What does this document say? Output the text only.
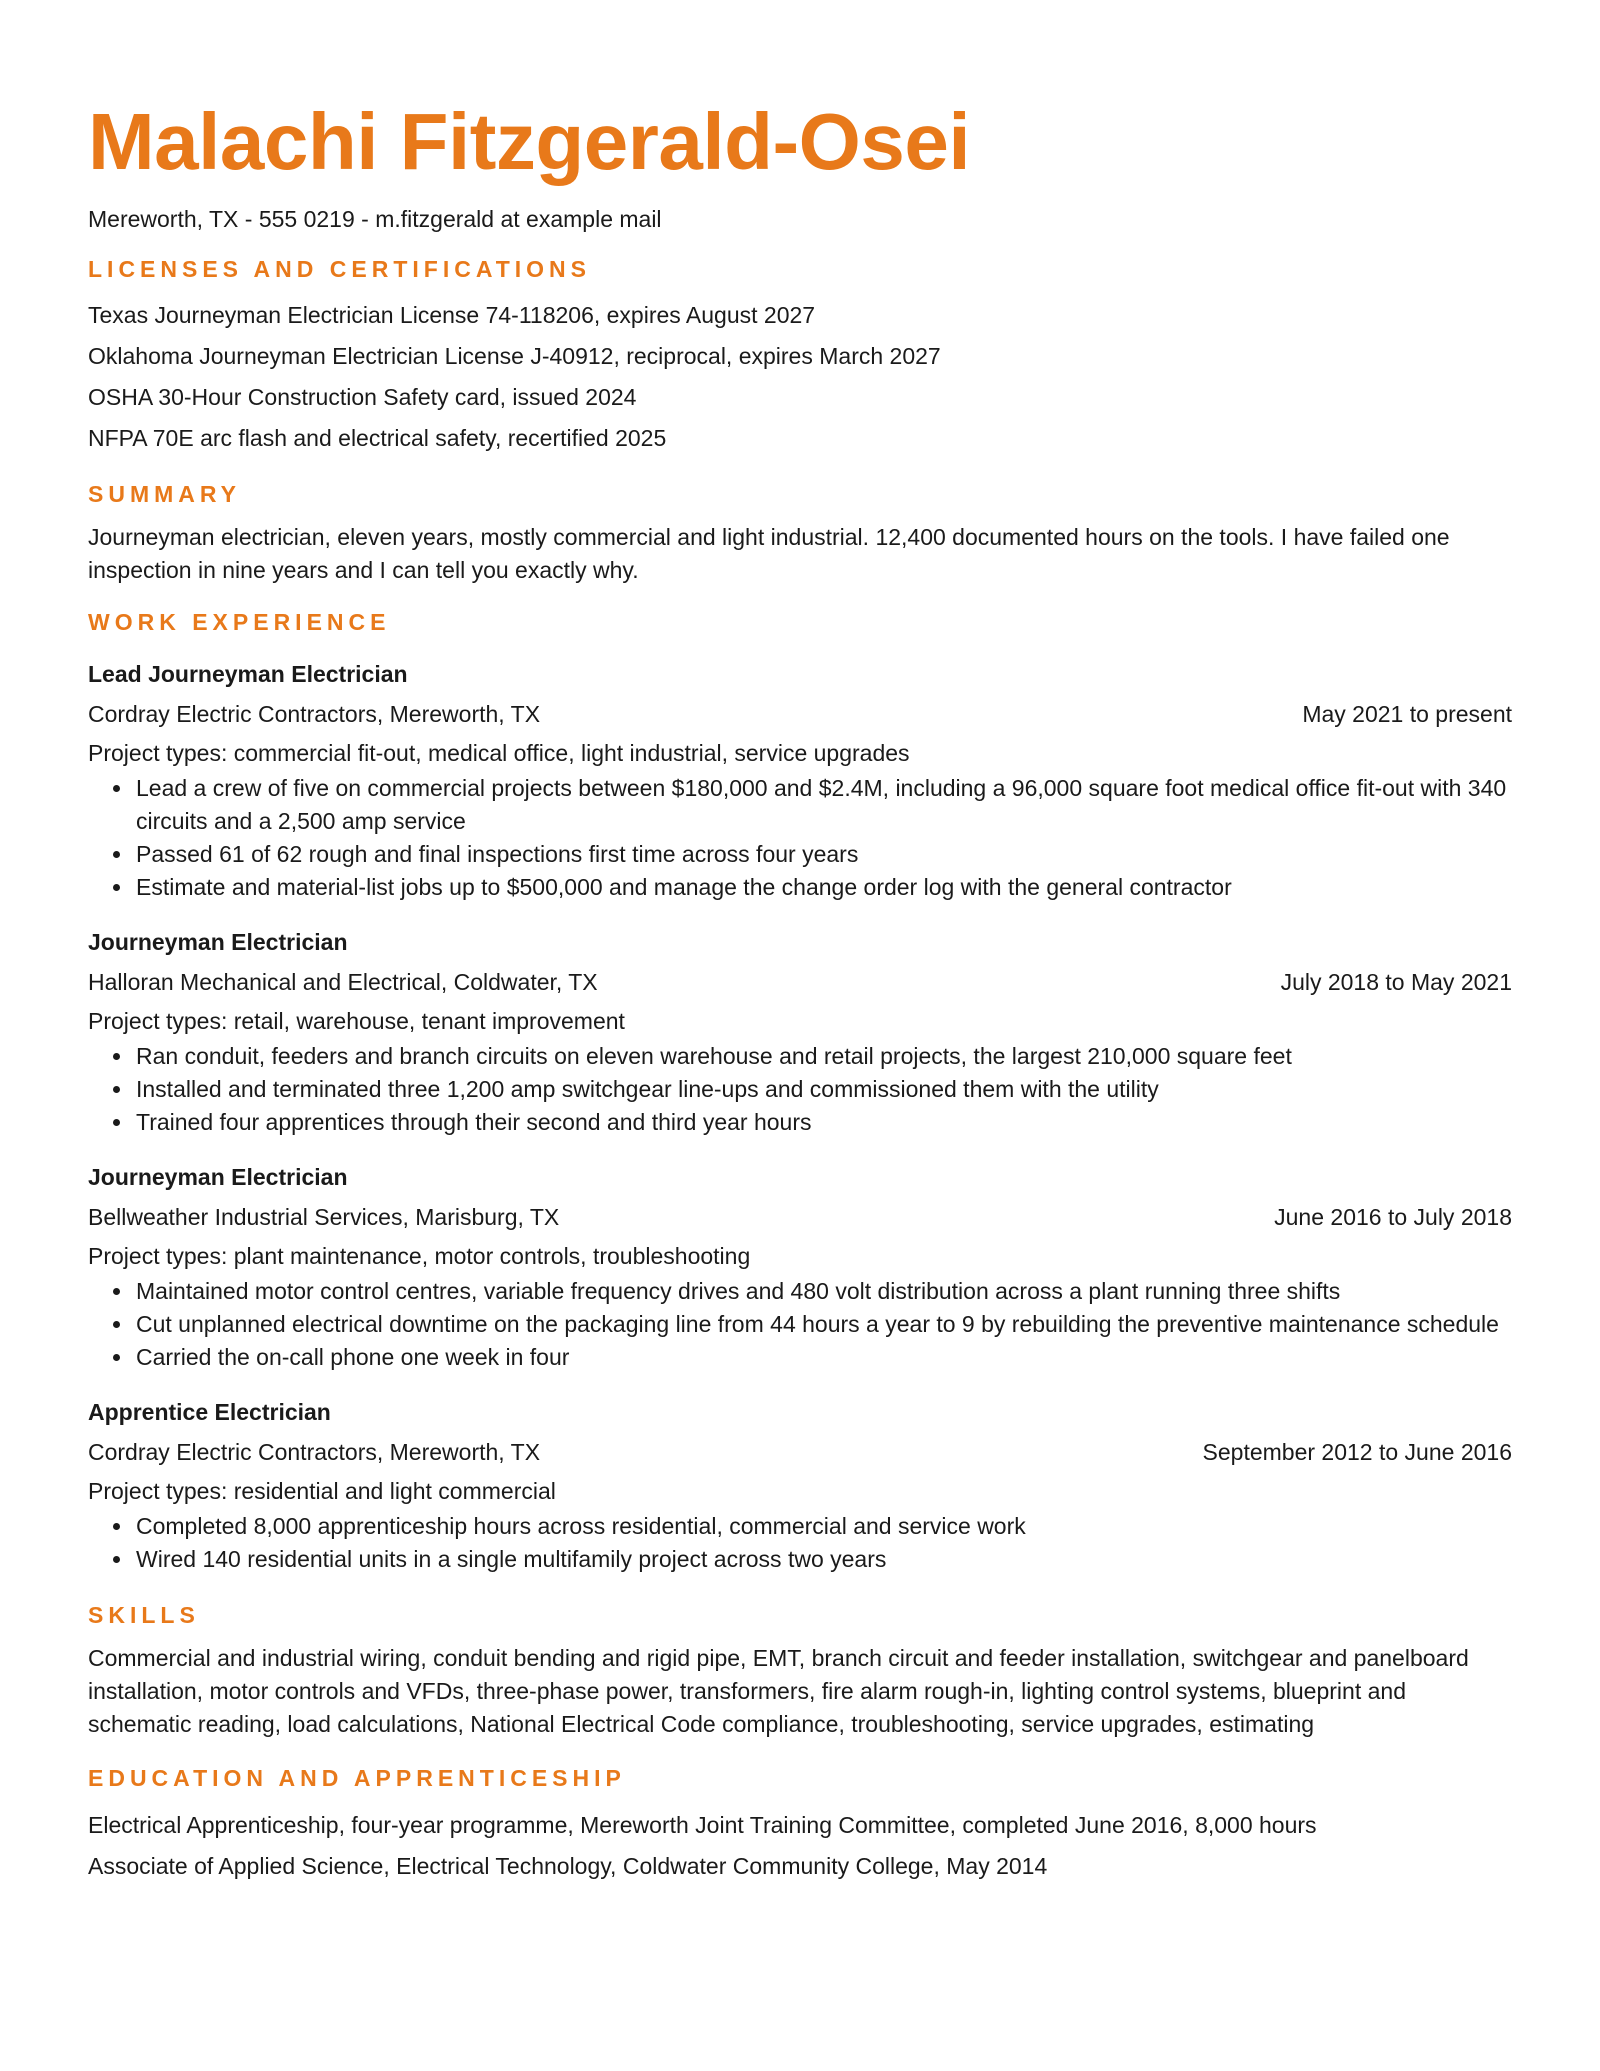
Malachi Fitzgerald-Osei
Mereworth, TX - 555 0219 - m.fitzgerald at example mail
LICENSES AND CERTIFICATIONS
Texas Journeyman Electrician License 74-118206, expires August 2027
Oklahoma Journeyman Electrician License J-40912, reciprocal, expires March 2027
OSHA 30-Hour Construction Safety card, issued 2024
NFPA 70E arc flash and electrical safety, recertified 2025
SUMMARY

Journeyman electrician, eleven years, mostly commercial and light industrial. 12,400 documented hours on the tools. I have failed one inspection in nine years and I can tell you exactly why.

WORK EXPERIENCE
Lead Journeyman Electrician
Cordray Electric Contractors, Mereworth, TX	May 2021 to present
Project types: commercial fit-out, medical office, light industrial, service upgrades
• Lead a crew of five on commercial projects between $180,000 and $2.4M, including a 96,000 square foot medical office fit-out with 340 circuits and a 2,500 amp service
• Passed 61 of 62 rough and final inspections first time across four years
• Estimate and material-list jobs up to $500,000 and manage the change order log with the general contractor
Journeyman Electrician
Halloran Mechanical and Electrical, Coldwater, TX	July 2018 to May 2021
Project types: retail, warehouse, tenant improvement
• Ran conduit, feeders and branch circuits on eleven warehouse and retail projects, the largest 210,000 square feet
• Installed and terminated three 1,200 amp switchgear line-ups and commissioned them with the utility
• Trained four apprentices through their second and third year hours
Journeyman Electrician
Bellweather Industrial Services, Marisburg, TX	June 2016 to July 2018
Project types: plant maintenance, motor controls, troubleshooting
• Maintained motor control centres, variable frequency drives and 480 volt distribution across a plant running three shifts
• Cut unplanned electrical downtime on the packaging line from 44 hours a year to 9 by rebuilding the preventive maintenance schedule
• Carried the on-call phone one week in four
Apprentice Electrician
Cordray Electric Contractors, Mereworth, TX	September 2012 to June 2016
Project types: residential and light commercial
• Completed 8,000 apprenticeship hours across residential, commercial and service work
• Wired 140 residential units in a single multifamily project across two years
SKILLS

Commercial and industrial wiring, conduit bending and rigid pipe, EMT, branch circuit and feeder installation, switchgear and panelboard installation, motor controls and VFDs, three-phase power, transformers, fire alarm rough-in, lighting control systems, blueprint and schematic reading, load calculations, National Electrical Code compliance, troubleshooting, service upgrades, estimating

EDUCATION AND APPRENTICESHIP
Electrical Apprenticeship, four-year programme, Mereworth Joint Training Committee, completed June 2016, 8,000 hours
Associate of Applied Science, Electrical Technology, Coldwater Community College, May 2014
